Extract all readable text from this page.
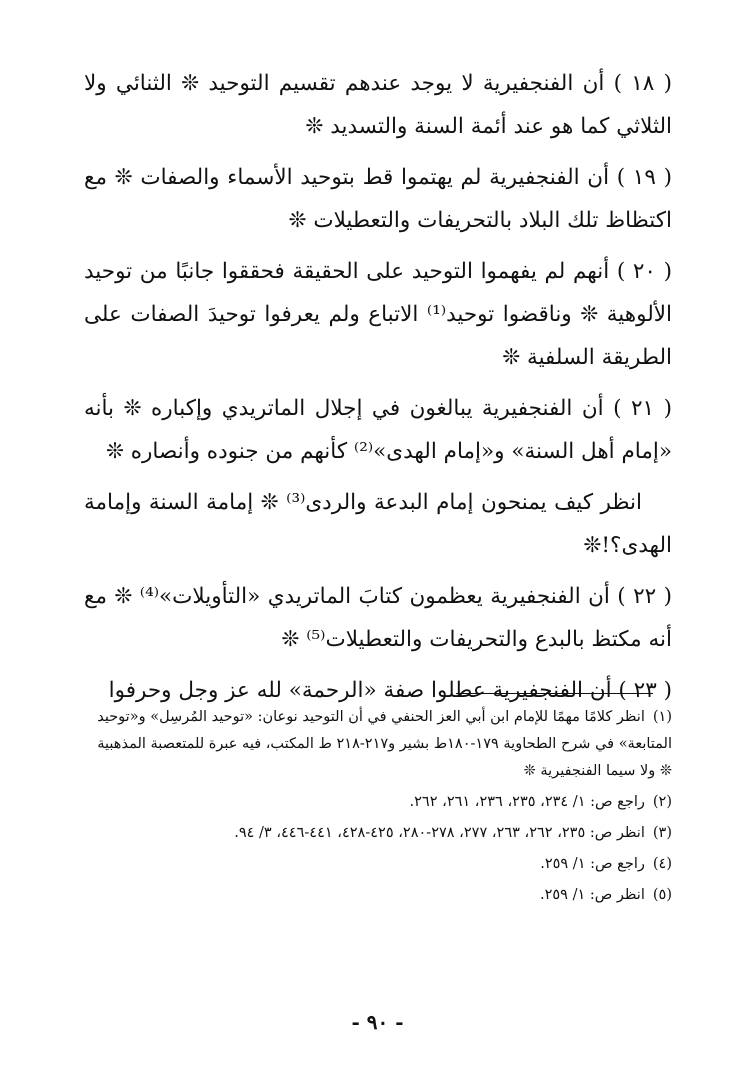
( ١٨ ) أن الفنجفيرية لا يوجد عندهم تقسيم التوحيد ❊ الثنائي ولا الثلاثي كما هو عند أئمة السنة والتسديد ❊

( ١٩ ) أن الفنجفيرية لم يهتموا قط بتوحيد الأسماء والصفات ❊ مع اكتظاظ تلك البلاد بالتحريفات والتعطيلات ❊

( ٢٠ ) أنهم لم يفهموا التوحيد على الحقيقة فحققوا جانبًا من توحيد الألوهية ❊ وناقضوا توحيد⁽¹⁾ الاتباع ولم يعرفوا توحيدَ الصفات على الطريقة السلفية ❊

( ٢١ ) أن الفنجفيرية يبالغون في إجلال الماتريدي وإكباره ❊ بأنه «إمام أهل السنة» و«إمام الهدى»⁽²⁾ كأنهم من جنوده وأنصاره ❊

انظر كيف يمنحون إمام البدعة والردى⁽³⁾ ❊ إمامة السنة وإمامة الهدى؟!❊

( ٢٢ ) أن الفنجفيرية يعظمون كتابَ الماتريدي «التأويلات»⁽⁴⁾ ❊ مع أنه مكتظ بالبدع والتحريفات والتعطيلات⁽⁵⁾ ❊

( ٢٣ ) أن الفنجفيرية عطلوا صفة «الرحمة» لله عز وجل وحرفوا

(١)انظر كلامًا مهمًا للإمام ابن أبي العز الحنفي في أن التوحيد نوعان: «توحيد المُرسِل» و«توحيد المتابعة» في شرح الطحاوية ١٧٩-١٨٠ط بشير و٢١٧-٢١٨ ط المكتب، فيه عبرة للمتعصبة المذهبية ❊ ولا سيما الفنجفيرية ❊
(٢)راجع ص: ١/ ٢٣٤، ٢٣٥، ٢٣٦، ٢٦١، ٢٦٢.
(٣)انظر ص: ٢٣٥، ٢٦٢، ٢٦٣، ٢٧٧، ٢٧٨-٢٨٠، ٤٢٥-٤٢٨، ٤٤١-٤٤٦، ٣/ ٩٤.
(٤)راجع ص: ١/ ٢٥٩.
(٥)انظر ص: ١/ ٢٥٩.
- ٩٠ -
